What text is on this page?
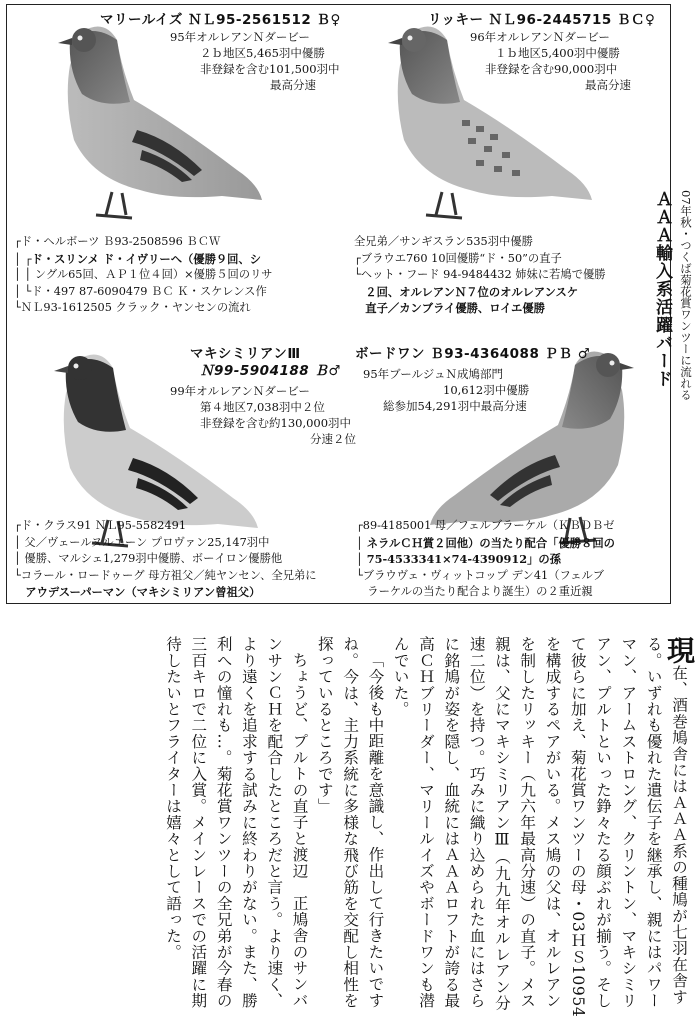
マリールイズ ＮＬ95-2561512 Ｂ♀
95年オルレアンＮダービー
２ｂ地区5,465羽中優勝
非登録を含む101,500羽中
最高分速
リッキー ＮＬ96-2445715 ＢＣ♀
96年オルレアンＮダービー
１ｂ地区5,400羽中優勝
非登録を含む90,000羽中
最高分速
マキシミリアンⅢ
Ｎ99-5904188 Ｂ♂
99年オルレアンＮダービー
第４地区7,038羽中２位
非登録を含む約130,000羽中
分速２位
ボードワン Ｂ93-4364088 ＰＢ ♂
95年ブールジュＮ成鳩部門
10,612羽中優勝
総参加54,291羽中最高分速
┌ド・ヘルボーツ Ｂ93-2508596 ＢＣＷ
│ ┌ド・スリンメ ド・イヴリーへ（優勝９回、シ
│ │ ングル65回、ＡＰ１位４回）×優勝５回のリサ
│ └ド・497 87-6090479 ＢＣ Ｋ・スケレンス作
└ＮＬ93-1612505 クラック・ヤンセンの流れ
全兄弟／サンギスラン535羽中優勝
┌ブラウエ760 10回優勝“ド・50”の直子
└ヘット・フード 94-9484432 姉妹に若鳩で優勝
　２回、オルレアンＮ７位のオルレアンスケ
　直子／カンブライ優勝、ロイエ優勝
┌ド・クラス91 ＮＬ95-5582491
│ 父／ヴェールヌルエーン プロヴァン25,147羽中
│ 優勝、マルシェ1,279羽中優勝、ボーイロン優勝他
└コラール・ロードゥーグ 母方祖父／純ヤンセン、全兄弟に
　アウデスーパーマン（マキシミリアン曾祖父）
┌89-4185001 母／フェルブラーケル（ＫＢＤＢゼ
│ ネラルＣＨ賞２回他）の当たり配合「優勝８回の
│ 75-4533341×74-4390912」の孫
└ブラウヴェ・ヴィットコップ デン41（フェルブ
　ラーケルの当たり配合より誕生）の２重近親
07年秋・つくば菊花賞ワンツーに流れる
ＡＡＡ輸入系活躍バード

現在、酒巻鳩舎にはＡＡＡ系の種鳩が七羽在舎する。いずれも優れた遺伝子を継承し、親にはパワーマン、アームストロング、クリントン、マキシミリアン、プルトといった錚々たる顔ぶれが揃う。そして彼らに加え、菊花賞ワンツーの母・03ＨＳ10954を構成するペアがいる。メス鳩の父は、オルレアンを制したリッキー（九六年最高分速）の直子。メス親は、父にマキシミリアンⅢ（九九年オルレアン分速二位）を持つ。巧みに織り込められた血にはさらに銘鳩が姿を隠し、血統にはＡＡＡロフトが誇る最高ＣＨブリーダー、マリールイズやボードワンも潜んでいた。

「今後も中距離を意識し、作出して行きたいですね。今は、主力系統に多様な飛び筋を交配し相性を探っているところです」

ちょうど、プルトの直子と渡辺　正鳩舎のサンバンサンＣＨを配合したところだと言う。より速く、より遠くを追求する試みに終わりがない。また、勝利への憧れも…。菊花賞ワンツーの全兄弟が今春の三百キロで二位に入賞。メインレースでの活躍に期待したいとフライターは嬉々として語った。
